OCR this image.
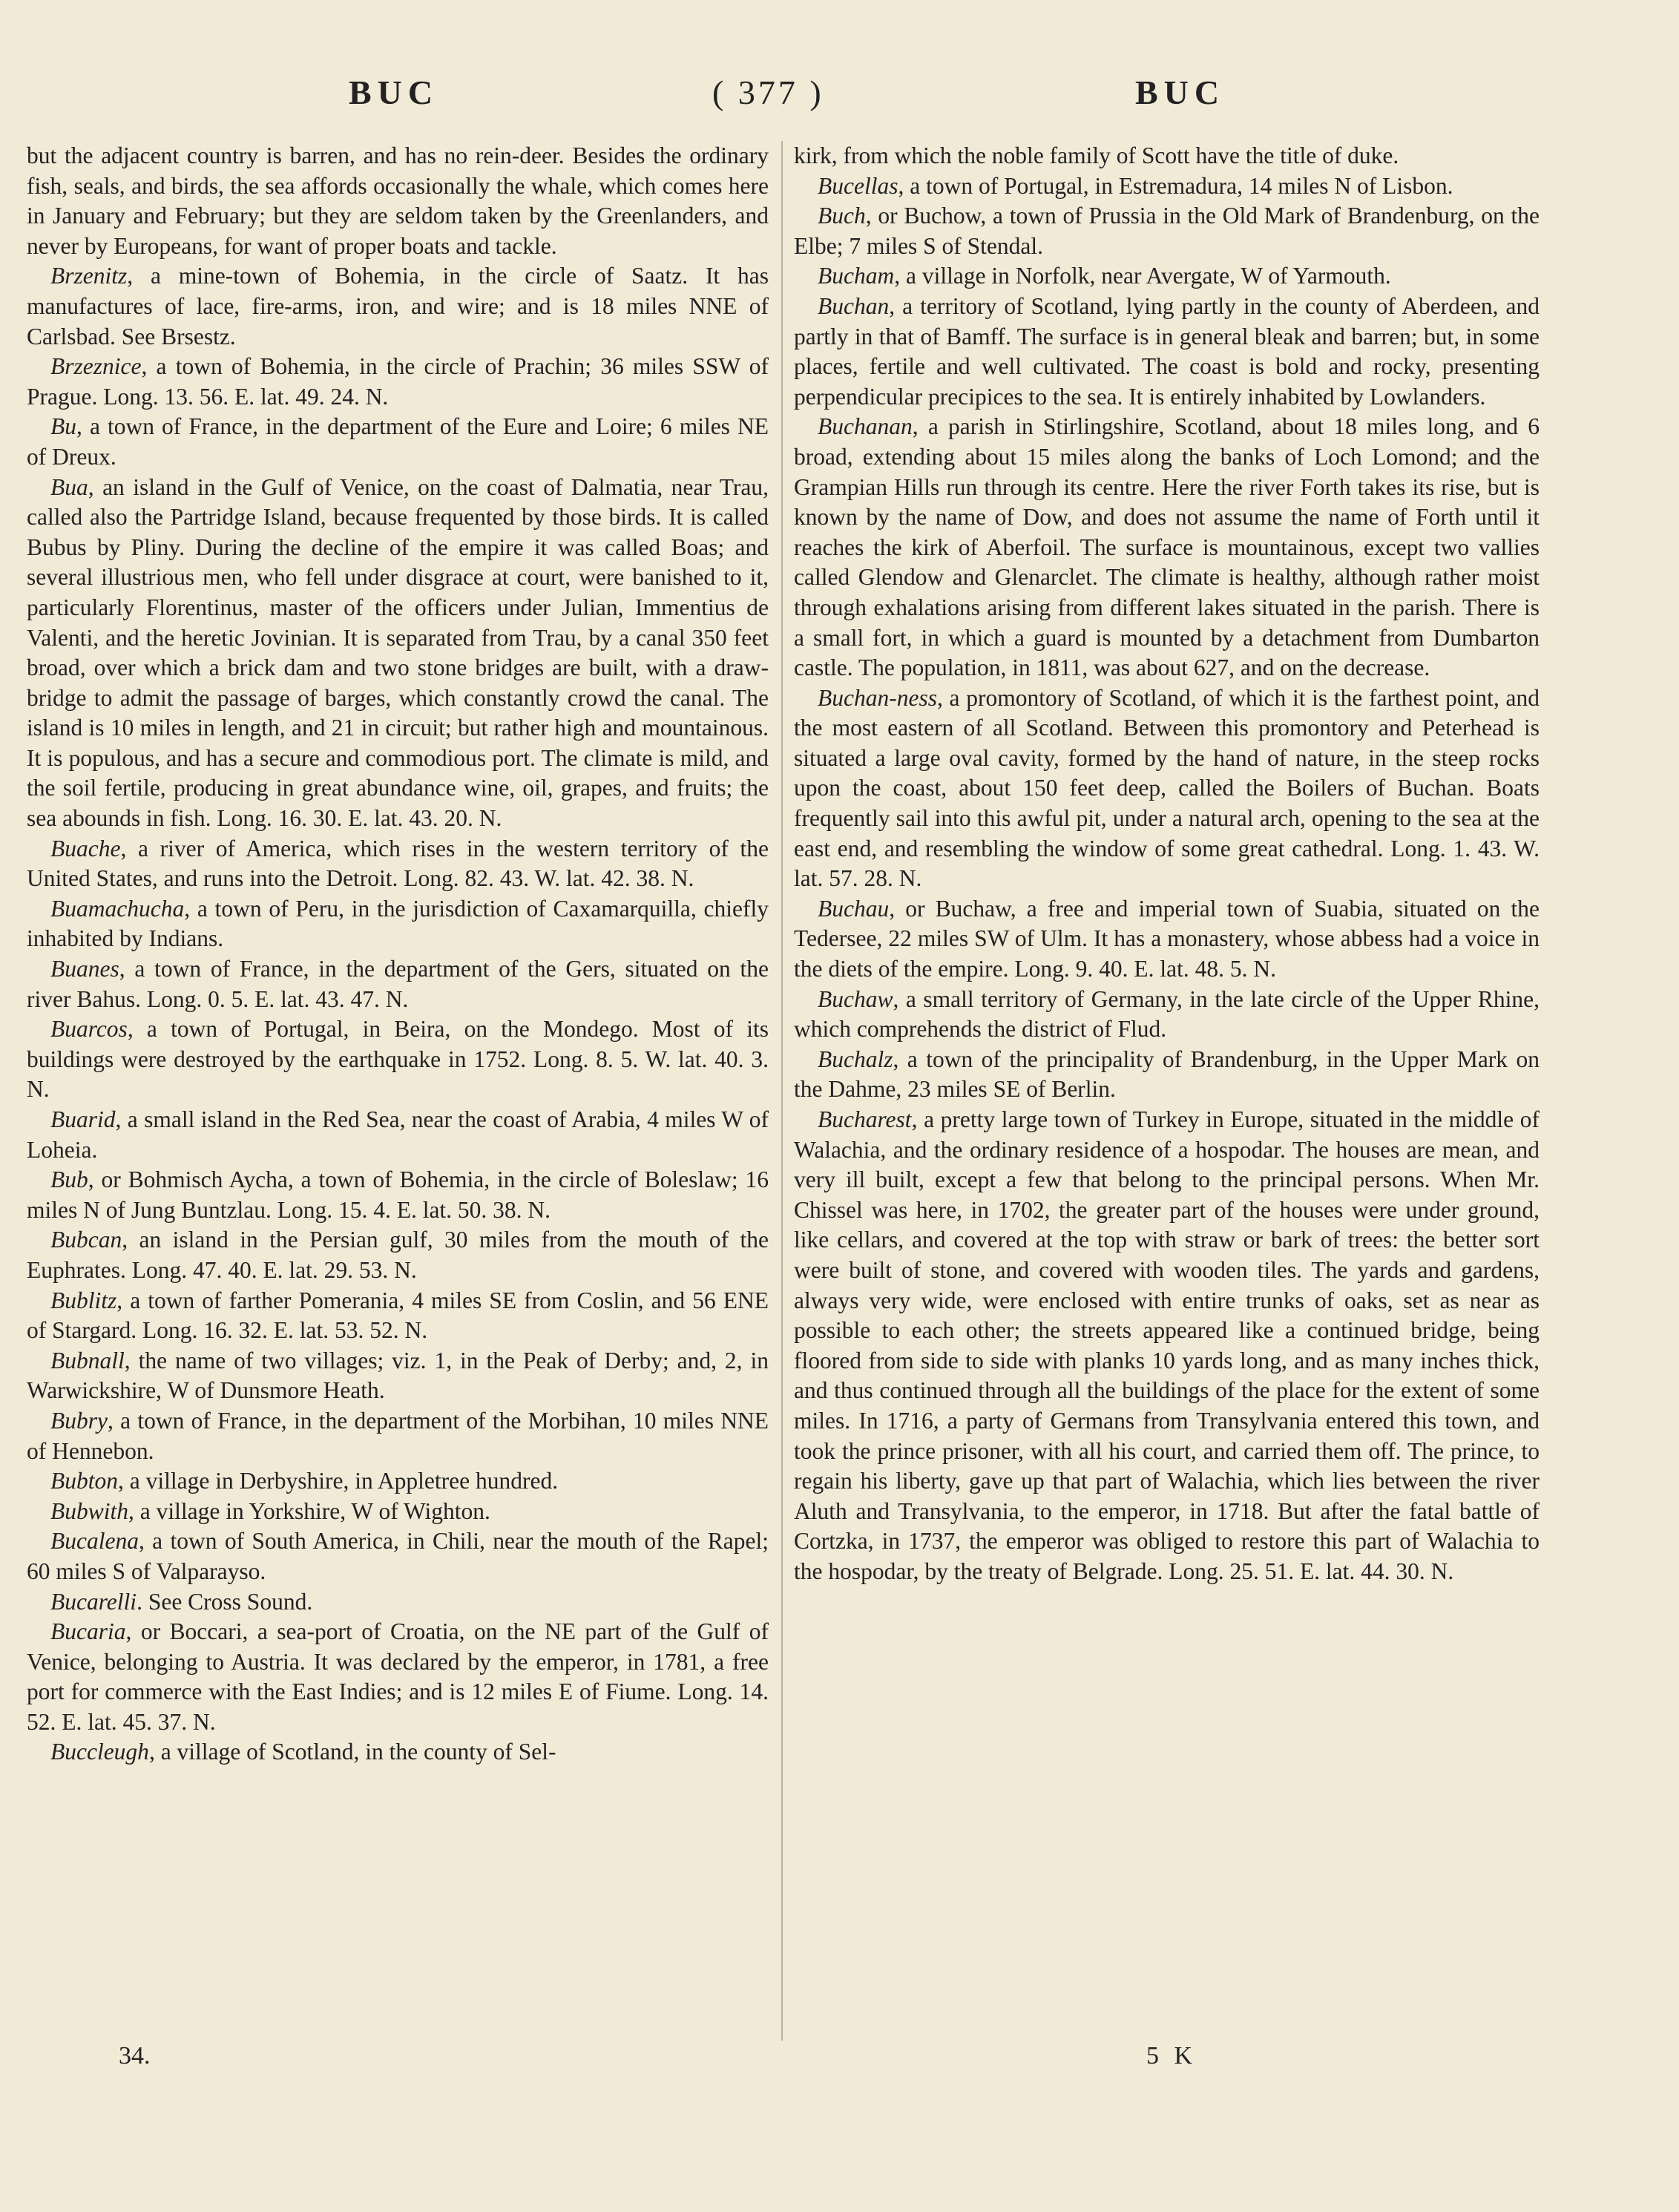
BUC	( 377 )	BUC

but the adjacent country is barren, and has no rein-deer. Besides the ordinary fish, seals, and birds, the sea affords occasionally the whale, which comes here in January and February; but they are seldom taken by the Greenlanders, and never by Europeans, for want of proper boats and tackle.

Brzenitz, a mine-town of Bohemia, in the circle of Saatz. It has manufactures of lace, fire-arms, iron, and wire; and is 18 miles NNE of Carlsbad. See Brsestz.

Brzeznice, a town of Bohemia, in the circle of Prachin; 36 miles SSW of Prague. Long. 13. 56. E. lat. 49. 24. N.

Bu, a town of France, in the department of the Eure and Loire; 6 miles NE of Dreux.

Bua, an island in the Gulf of Venice, on the coast of Dalmatia, near Trau, called also the Partridge Island, because frequented by those birds. It is called Bubus by Pliny. During the decline of the empire it was called Boas; and several illustrious men, who fell under disgrace at court, were banished to it, particularly Florentinus, master of the officers under Julian, Immentius de Valenti, and the heretic Jovinian. It is separated from Trau, by a canal 350 feet broad, over which a brick dam and two stone bridges are built, with a draw-bridge to admit the passage of barges, which constantly crowd the canal. The island is 10 miles in length, and 21 in circuit; but rather high and mountainous. It is populous, and has a secure and commodious port. The climate is mild, and the soil fertile, producing in great abundance wine, oil, grapes, and fruits; the sea abounds in fish. Long. 16. 30. E. lat. 43. 20. N.

Buache, a river of America, which rises in the western territory of the United States, and runs into the Detroit. Long. 82. 43. W. lat. 42. 38. N.

Buamachucha, a town of Peru, in the jurisdiction of Caxamarquilla, chiefly inhabited by Indians.

Buanes, a town of France, in the department of the Gers, situated on the river Bahus. Long. 0. 5. E. lat. 43. 47. N.

Buarcos, a town of Portugal, in Beira, on the Mondego. Most of its buildings were destroyed by the earthquake in 1752. Long. 8. 5. W. lat. 40. 3. N.

Buarid, a small island in the Red Sea, near the coast of Arabia, 4 miles W of Loheia.

Bub, or Bohmisch Aycha, a town of Bohemia, in the circle of Boleslaw; 16 miles N of Jung Buntzlau. Long. 15. 4. E. lat. 50. 38. N.

Bubcan, an island in the Persian gulf, 30 miles from the mouth of the Euphrates. Long. 47. 40. E. lat. 29. 53. N.

Bublitz, a town of farther Pomerania, 4 miles SE from Coslin, and 56 ENE of Stargard. Long. 16. 32. E. lat. 53. 52. N.

Bubnall, the name of two villages; viz. 1, in the Peak of Derby; and, 2, in Warwickshire, W of Dunsmore Heath.

Bubry, a town of France, in the department of the Morbihan, 10 miles NNE of Hennebon.

Bubton, a village in Derbyshire, in Appletree hundred.

Bubwith, a village in Yorkshire, W of Wighton.

Bucalena, a town of South America, in Chili, near the mouth of the Rapel; 60 miles S of Valparayso.

Bucarelli. See Cross Sound.

Bucaria, or Boccari, a sea-port of Croatia, on the NE part of the Gulf of Venice, belonging to Austria. It was declared by the emperor, in 1781, a free port for commerce with the East Indies; and is 12 miles E of Fiume. Long. 14. 52. E. lat. 45. 37. N.

Buccleugh, a village of Scotland, in the county of Sel-

kirk, from which the noble family of Scott have the title of duke.

Bucellas, a town of Portugal, in Estremadura, 14 miles N of Lisbon.

Buch, or Buchow, a town of Prussia in the Old Mark of Brandenburg, on the Elbe; 7 miles S of Stendal.

Bucham, a village in Norfolk, near Avergate, W of Yarmouth.

Buchan, a territory of Scotland, lying partly in the county of Aberdeen, and partly in that of Bamff. The surface is in general bleak and barren; but, in some places, fertile and well cultivated. The coast is bold and rocky, presenting perpendicular precipices to the sea. It is entirely inhabited by Lowlanders.

Buchanan, a parish in Stirlingshire, Scotland, about 18 miles long, and 6 broad, extending about 15 miles along the banks of Loch Lomond; and the Grampian Hills run through its centre. Here the river Forth takes its rise, but is known by the name of Dow, and does not assume the name of Forth until it reaches the kirk of Aberfoil. The surface is mountainous, except two vallies called Glendow and Glenarclet. The climate is healthy, although rather moist through exhalations arising from different lakes situated in the parish. There is a small fort, in which a guard is mounted by a detachment from Dumbarton castle. The population, in 1811, was about 627, and on the decrease.

Buchan-ness, a promontory of Scotland, of which it is the farthest point, and the most eastern of all Scotland. Between this promontory and Peterhead is situated a large oval cavity, formed by the hand of nature, in the steep rocks upon the coast, about 150 feet deep, called the Boilers of Buchan. Boats frequently sail into this awful pit, under a natural arch, opening to the sea at the east end, and resembling the window of some great cathedral. Long. 1. 43. W. lat. 57. 28. N.

Buchau, or Buchaw, a free and imperial town of Suabia, situated on the Tedersee, 22 miles SW of Ulm. It has a monastery, whose abbess had a voice in the diets of the empire. Long. 9. 40. E. lat. 48. 5. N.

Buchaw, a small territory of Germany, in the late circle of the Upper Rhine, which comprehends the district of Flud.

Buchalz, a town of the principality of Brandenburg, in the Upper Mark on the Dahme, 23 miles SE of Berlin.

Bucharest, a pretty large town of Turkey in Europe, situated in the middle of Walachia, and the ordinary residence of a hospodar. The houses are mean, and very ill built, except a few that belong to the principal persons. When Mr. Chissel was here, in 1702, the greater part of the houses were under ground, like cellars, and covered at the top with straw or bark of trees: the better sort were built of stone, and covered with wooden tiles. The yards and gardens, always very wide, were enclosed with entire trunks of oaks, set as near as possible to each other; the streets appeared like a continued bridge, being floored from side to side with planks 10 yards long, and as many inches thick, and thus continued through all the buildings of the place for the extent of some miles. In 1716, a party of Germans from Transylvania entered this town, and took the prince prisoner, with all his court, and carried them off. The prince, to regain his liberty, gave up that part of Walachia, which lies between the river Aluth and Transylvania, to the emperor, in 1718. But after the fatal battle of Cortzka, in 1737, the emperor was obliged to restore this part of Walachia to the hospodar, by the treaty of Belgrade. Long. 25. 51. E. lat. 44. 30. N.

34.	5 K
